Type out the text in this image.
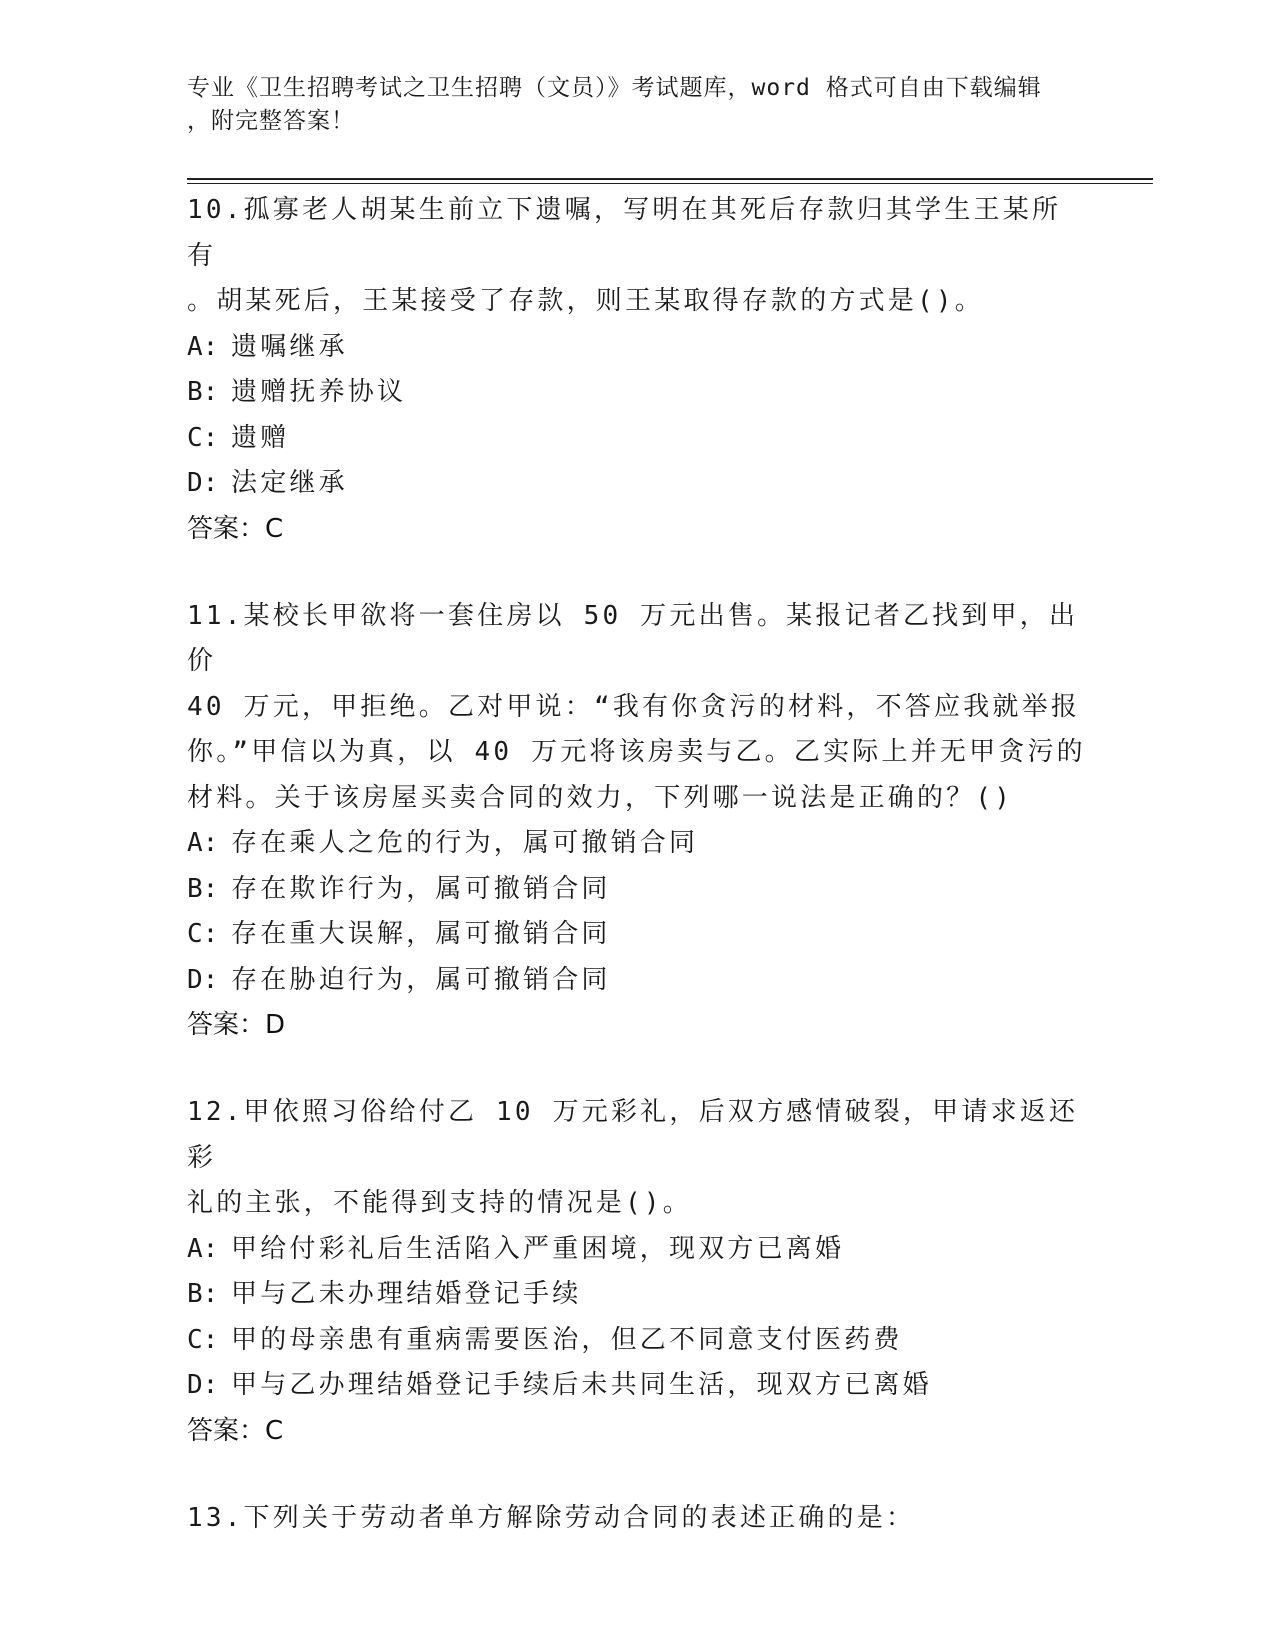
专业《卫生招聘考试之卫生招聘（文员）》考试题库，word 格式可自由下载编辑
，附完整答案！
10.孤寡老人胡某生前立下遗嘱，写明在其死后存款归其学生王某所有
。胡某死后，王某接受了存款，则王某取得存款的方式是()。
A: 遗嘱继承
B: 遗赠抚养协议
C: 遗赠
D: 法定继承
答案：C
11.某校长甲欲将一套住房以 50 万元出售。某报记者乙找到甲，出价
40 万元，甲拒绝。乙对甲说：“我有你贪污的材料，不答应我就举报
你。”甲信以为真，以 40 万元将该房卖与乙。乙实际上并无甲贪污的
材料。关于该房屋买卖合同的效力，下列哪一说法是正确的？()
A: 存在乘人之危的行为，属可撤销合同
B: 存在欺诈行为，属可撤销合同
C: 存在重大误解，属可撤销合同
D: 存在胁迫行为，属可撤销合同
答案：D
12.甲依照习俗给付乙 10 万元彩礼，后双方感情破裂，甲请求返还彩
礼的主张，不能得到支持的情况是()。
A: 甲给付彩礼后生活陷入严重困境，现双方已离婚
B: 甲与乙未办理结婚登记手续
C: 甲的母亲患有重病需要医治，但乙不同意支付医药费
D: 甲与乙办理结婚登记手续后未共同生活，现双方已离婚
答案：C
13.下列关于劳动者单方解除劳动合同的表述正确的是：
